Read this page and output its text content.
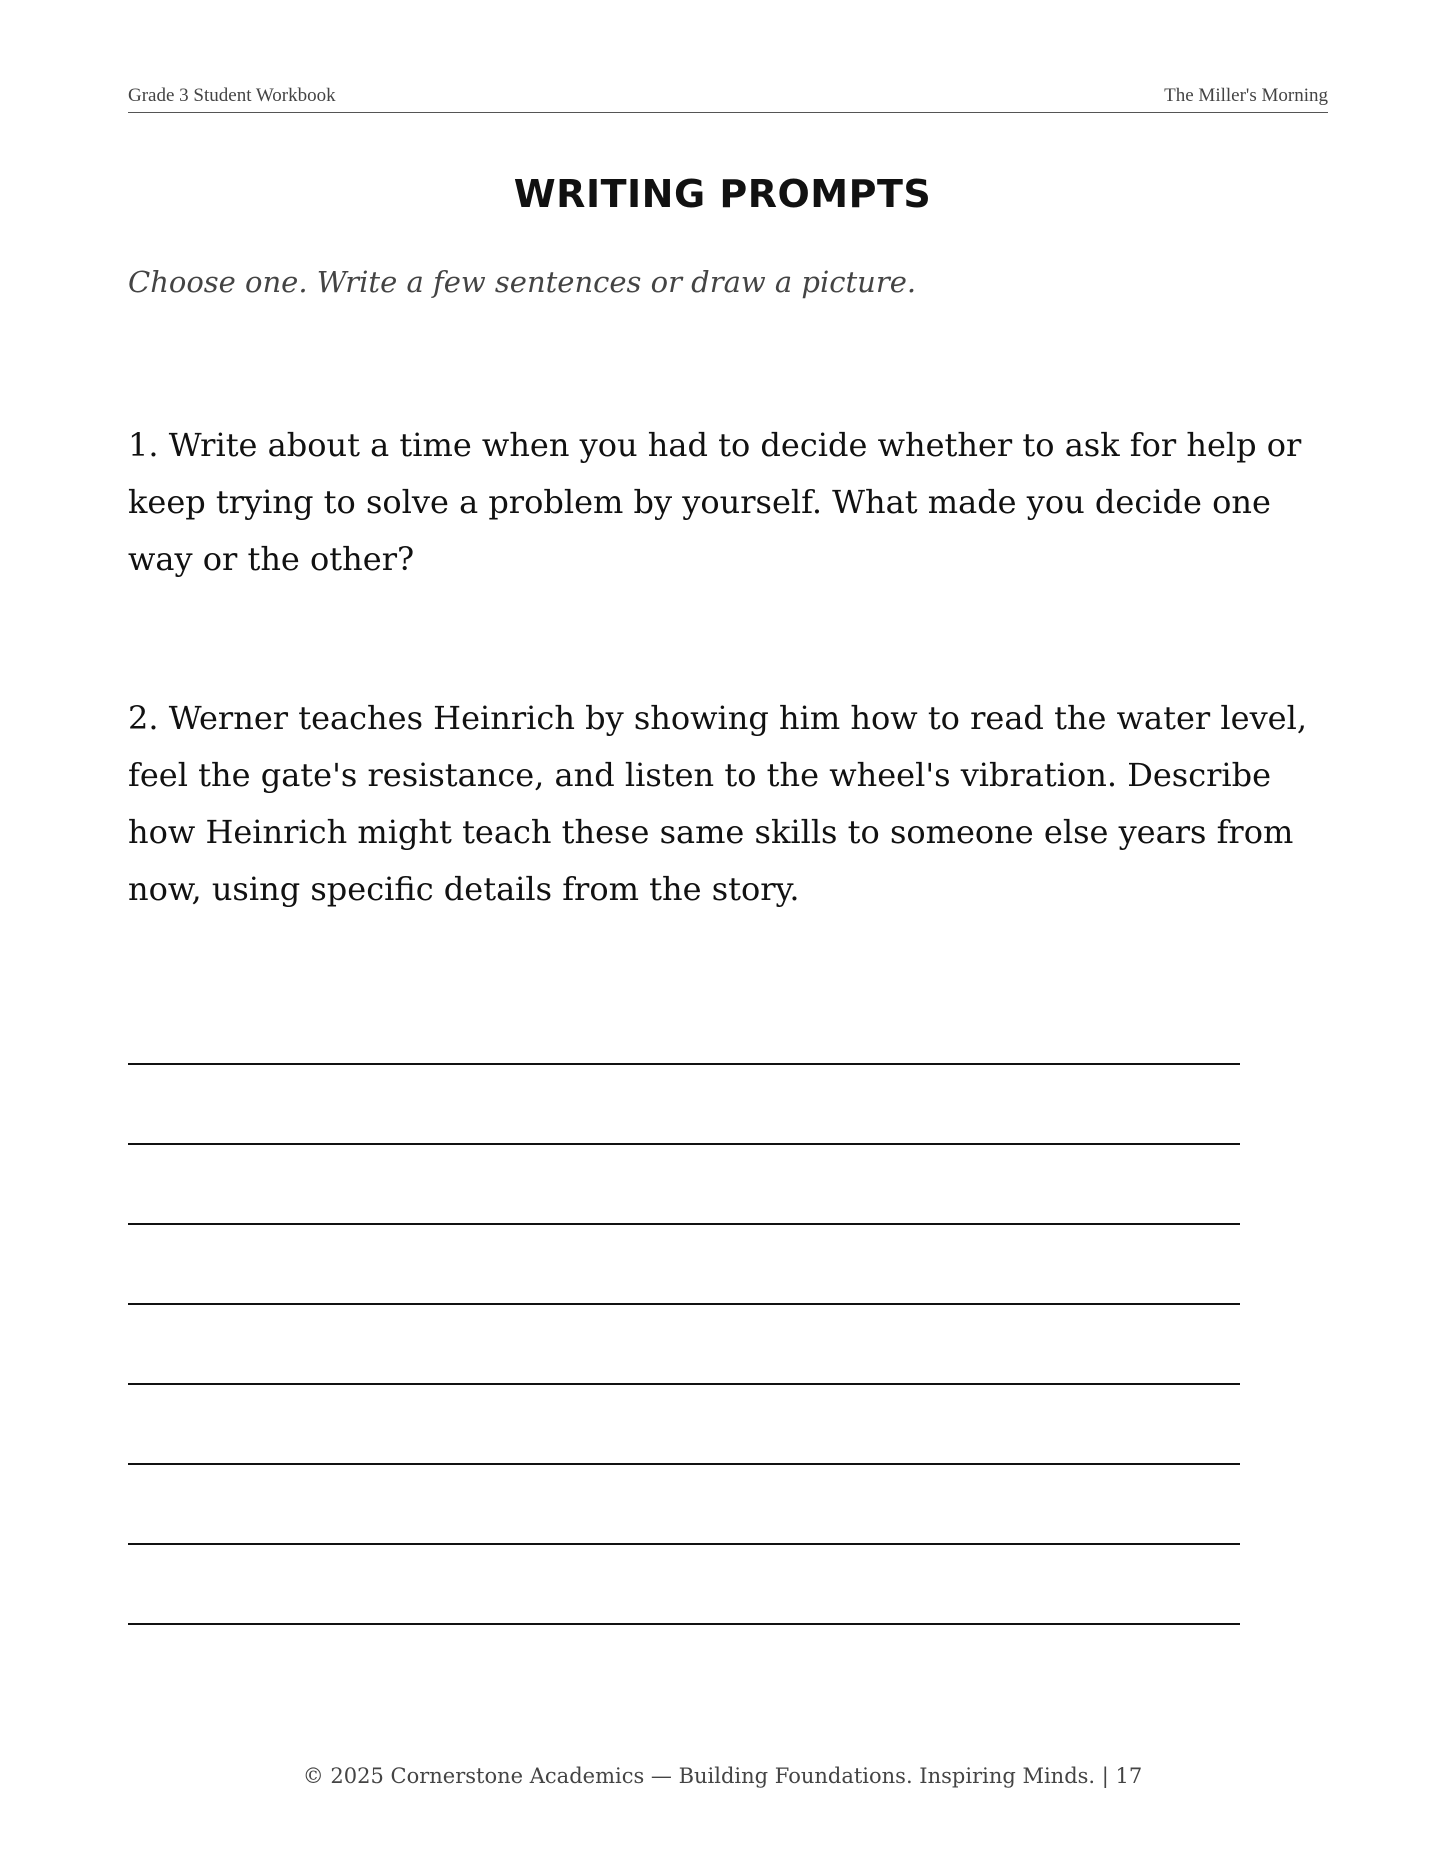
Grade 3 Student Workbook	The Miller's Morning
WRITING PROMPTS

Choose one. Write a few sentences or draw a picture.

1. Write about a time when you had to decide whether to ask for help or keep trying to solve a problem by yourself. What made you decide one way or the other?

2. Werner teaches Heinrich by showing him how to read the water level, feel the gate's resistance, and listen to the wheel's vibration. Describe how Heinrich might teach these same skills to someone else years from now, using specific details from the story.

© 2025 Cornerstone Academics — Building Foundations. Inspiring Minds. | 17
